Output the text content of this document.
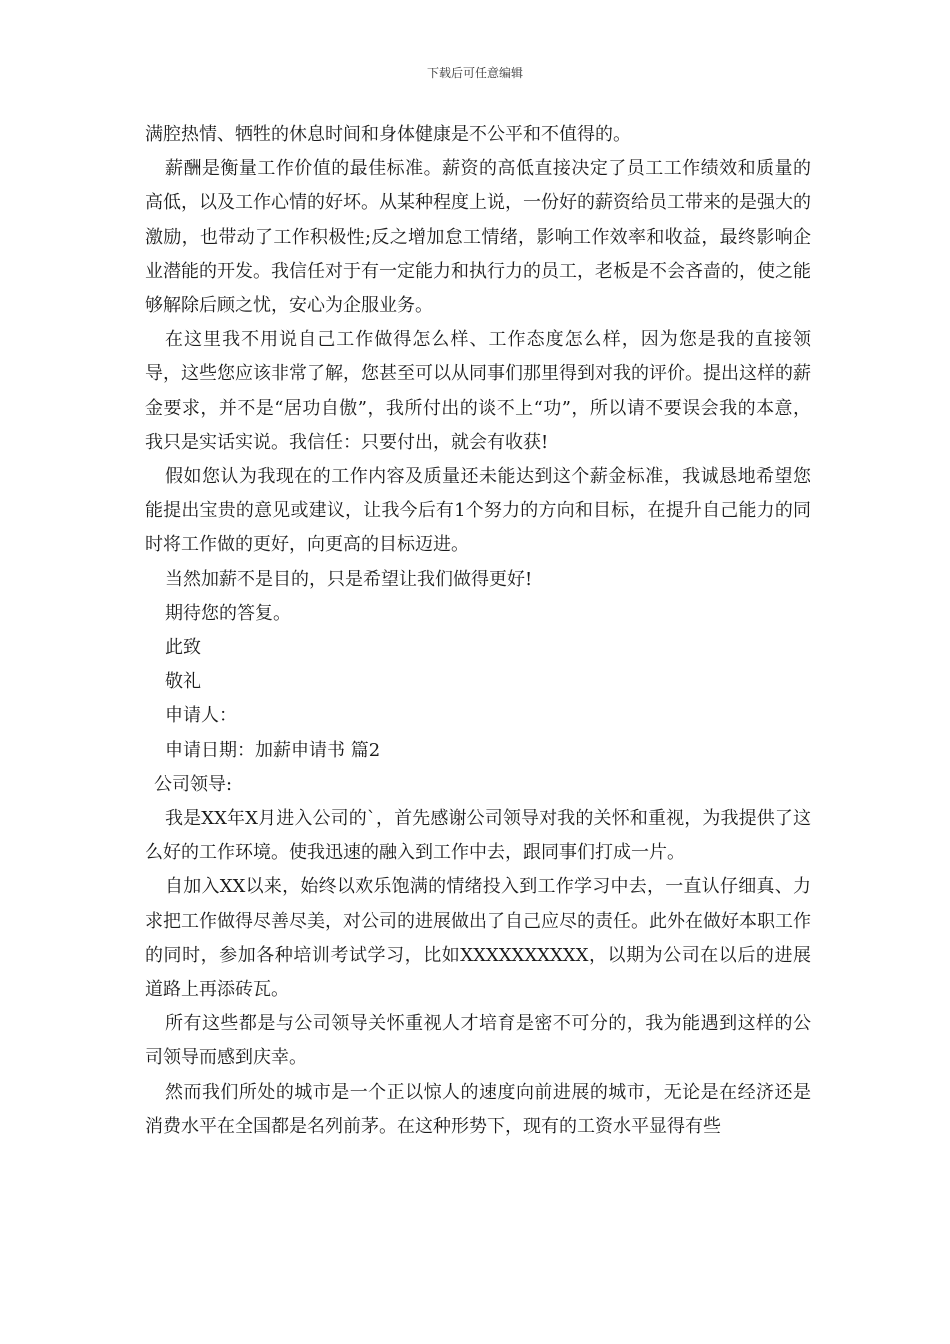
下载后可任意编辑

满腔热情、牺牲的休息时间和身体健康是不公平和不值得的。

薪酬是衡量工作价值的最佳标准。薪资的高低直接决定了员工工作绩效和质量的高低，以及工作心情的好坏。从某种程度上说，一份好的薪资给员工带来的是强大的激励，也带动了工作积极性;反之增加怠工情绪，影响工作效率和收益，最终影响企业潜能的开发。我信任对于有一定能力和执行力的员工，老板是不会吝啬的，使之能够解除后顾之忧，安心为企服业务。

在这里我不用说自己工作做得怎么样、工作态度怎么样，因为您是我的直接领导，这些您应该非常了解，您甚至可以从同事们那里得到对我的评价。提出这样的薪金要求，并不是“居功自傲”，我所付出的谈不上“功”，所以请不要误会我的本意，我只是实话实说。我信任：只要付出，就会有收获!

假如您认为我现在的工作内容及质量还未能达到这个薪金标准，我诚恳地希望您能提出宝贵的意见或建议，让我今后有1个努力的方向和目标，在提升自己能力的同时将工作做的更好，向更高的目标迈进。

当然加薪不是目的，只是希望让我们做得更好!

期待您的答复。

此致

敬礼

申请人：

申请日期：加薪申请书 篇2

公司领导:

我是XX年X月进入公司的`，首先感谢公司领导对我的关怀和重视，为我提供了这么好的工作环境。使我迅速的融入到工作中去，跟同事们打成一片。

自加入XX以来，始终以欢乐饱满的情绪投入到工作学习中去，一直认仔细真、力求把工作做得尽善尽美，对公司的进展做出了自己应尽的责任。此外在做好本职工作的同时，参加各种培训考试学习，比如XXXXXXXXXX，以期为公司在以后的进展道路上再添砖瓦。

所有这些都是与公司领导关怀重视人才培育是密不可分的，我为能遇到这样的公司领导而感到庆幸。

然而我们所处的城市是一个正以惊人的速度向前进展的城市，无论是在经济还是消费水平在全国都是名列前茅。在这种形势下，现有的工资水平显得有些
